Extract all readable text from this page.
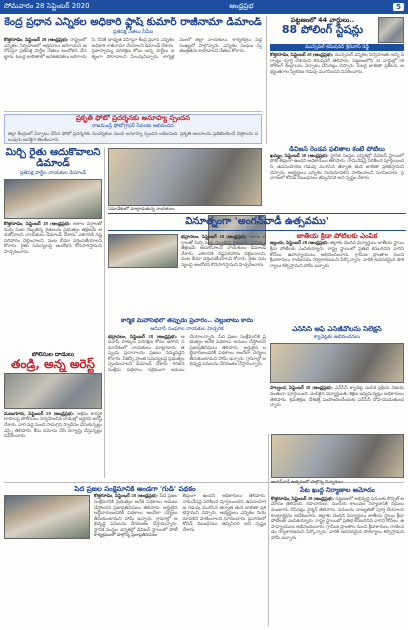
సోమవారం 28 సెప్టెంబర్ 2020	ఆంధ్రప్రభ	5
కేంద్ర ప్రధాన ఎన్నికల అధికారి ఫ్లాష్ కుమార్ రాజీనామా డిమాండ్
ప్రతిపక్ష నేతలు సీపీఐ
కొత్తగూడెం, సెప్టెంబర్ 28 (ఆంధ్రప్రభ): రాష్ట్రంలో ఎన్నికల నిర్వహణలో అక్రమాలు జరిగాయని ఆరోపిస్తూ ప్రతిపక్ష పార్టీల నేతలు ఆందోళన చేపట్టారు. ఓటర్ల జాబితాలో అవకతవకలు జరిగాయని, దీనికి బాధ్యత వహిస్తూ కేంద్ర ప్రధాన ఎన్నికల అధికారి రాజీనామా చేయాలని డిమాండ్ చేశారు. ప్రజాస్వామ్య పరిరక్షణ కోసం అన్ని పార్టీలు ఐక్యంగా పోరాడాలని పిలుపునిచ్చారు. కార్యక్రమంలో జిల్లా నాయకులు, కార్యకర్తలు పెద్ద సంఖ్యలో పాల్గొన్నారు. ఎన్నికల సంఘం స్వతంత్రతను కాపాడాలని నేతలు కోరారు.
పట్టణంలో 44 వార్డులు..
88 పోలింగ్ స్టేషన్లు
మున్సిపల్ కమిషనర్ శ్రీనివాస్ రెడ్డి
కొత్తగూడెం, సెప్టెంబర్ 28 (ఆంధ్రప్రభ): మున్సిపల్ ఎన్నికల నిర్వహణకు అన్ని ఏర్పాట్లు పూర్తి చేశామని కమిషనర్ తెలిపారు. పట్టణంలోని 44 వార్డుల్లో 88 పోలింగ్ కేంద్రాలను ఏర్పాటు చేసినట్లు చెప్పారు. ఓటర్ల జాబితా ప్రకటన, అభ్యంతరాల స్వీకరణ గడువు ముగిసిందని వివరించారు.
ప్రకృతి ఫోటో ప్రదర్శనకు అనూహ్య స్పందన
రాజమండ్రి ఫోటోగ్రాఫర్ సేవలకు అభినందన
జిల్లా కేంద్రంలో ఏర్పాటు చేసిన ఫోటో ప్రదర్శనకు సందర్శకుల నుంచి అనూహ్య స్పందన లభించింది. ప్రకృతి అందాలను ప్రతిబింబించే చిత్రాలను పలువురు ఆసక్తిగా తిలకించారు.
డివిజన్ రెండవ ఫలితాల కంటే పోటీలు
ఖమ్మం, సెప్టెంబర్ 28 (ఆంధ్రప్రభ): స్థానిక సంస్థల ఎన్నికల్లో డివిజన్ స్థాయిలో పోటీ తీవ్రంగా ఉందని అధికారులు తెలిపారు. నామినేషన్ల పరిశీలన పూర్తయిందని, ఉపసంహరణ గడువు ముగిసిన తర్వాత తుది జాబితా ప్రకటిస్తామని చెప్పారు. అభ్యర్థులు ఎన్నికల నియమావళిని పాటించాలని సూచించారు. ప్రచారంలో కోవిడ్ నిబంధనలు తప్పనిసరి అని స్పష్టం చేశారు.
మిర్చి రైతు ఆదుకోవాలని డిమాండ్
ప్రతిపక్ష పార్టీల నాయకుల డిమాండ్
కొత్తగూడెం, సెప్టెంబర్ 28 (ఆంధ్రప్రభ): అకాల వర్షాలతో మిర్చి పంట దెబ్బతిన్న రైతులను ప్రభుత్వం తక్షణమే ఆదుకోవాలని నాయకులు డిమాండ్ చేశారు. ఎకరానికి నష్టపరిహారం చెల్లించాలని, పంట బీమా వర్తింపజేయాలని కోరారు. రైతు సమస్యలపై ఆందోళన కొనసాగిస్తామని హెచ్చరించారు.
సమావేశంలో మాట్లాడుతున్న నాయకులు
వినూత్నంగా 'అంగన్‌వాడీ ఉత్సవము'
జాతీయ క్రీడా పోటీలకు ఎంపిక
ఇల్లందు, సెప్టెంబర్ 28 (ఆంధ్రప్రభ): జిల్లాకు చెందిన విద్యార్థులు జాతీయ స్థాయి క్రీడా పోటీలకు ఎంపికయ్యారు. రాష్ట్ర స్థాయిలో ప్రతిభ కనబరిచిన వారిని కోచ్‌లు, ఉపాధ్యాయులు అభినందించారు. గ్రామీణ ప్రాంతాల నుంచి క్రీడాకారులు రాణించడం గర్వకారణమని పేర్కొన్నారు. వారికి అవసరమైన సౌకర్యాలు కల్పిస్తామని హామీ ఇచ్చారు.
భద్రాచలం, సెప్టెంబర్ 28 (ఆంధ్రప్రభ): అకాల వర్షాలతో మిర్చి పంట దెబ్బతిన్న రైతులను ప్రభుత్వం తక్షణమే ఆదుకోవాలని నాయకులు డిమాండ్ చేశారు. ఎకరానికి నష్టపరిహారం చెల్లించాలని, పంట బీమా వర్తింపజేయాలని కోరారు. రైతు సమస్యలపై ఆందోళన కొనసాగిస్తామని హెచ్చరించారు.
కార్మిక మహాసభలో తప్పుడు ప్రచారం.. చెల్లుబాటు కాదు
ఆదివాసీ సంఘాల నాయకుల హెచ్చరిక
భద్రాచలం, సెప్టెంబర్ 28 (ఆంధ్రప్రభ): ఆదివాసీ హక్కుల పరిరక్షణ కోసం జరిగిన సమావేశంలో నాయకులు మాట్లాడారు. తప్పుడు ప్రచారాలను ప్రజలు నమ్మవద్దని కోరారు. ఏజెన్సీ ప్రాంత సమస్యలపై ప్రభుత్వం స్పందించాలని డిమాండ్ చేశారు. గిరిజన సంక్షేమ పథకాలు సక్రమంగా అమలు చేయాలన్నారు. పేద ప్రజల సంక్షేమానికి ప్రభుత్వం అనేక పథకాలు అమలు చేస్తోందని ప్రజాప్రతినిధులు తెలిపారు. అర్హులైన లబ్ధిదారులందరికీ పథకాలు అందేలా చర్యలు తీసుకుంటామని హామీ ఇచ్చారు. గ్రామాల్లో అభివృద్ధి పనులను వేగవంతం చేస్తామన్నారు.
ఎన్‌సీసీ ఆఫ్ ఎన్‌జీవోలను సెలెక్షన్
క్యాడెట్లకు అభినందనలు
పాల్వంచ, సెప్టెంబర్ 28 (ఆంధ్రప్రభ): ఎన్‌సీసీ క్యాడెట్ల ఎంపిక ప్రక్రియ విజయవంతంగా పూర్తయింది. ఎంపికైన విద్యార్థులకు శిక్షణ ఇవ్వనున్నట్లు అధికారులు తెలిపారు. క్రమశిక్షణ, దేశభక్తి పెంపొందించేందుకు ఎన్‌సీసీ దోహదపడుతుందన్నారు.
పోలీసుల దాడులు
తండ్రి, అన్న అరెస్ట్
మణుగూరు, సెప్టెంబర్ 28 (ఆంధ్రప్రభ): అక్రమ కార్యకలాపాలపై పోలీసులు నిర్వహించిన దాడుల్లో ఇద్దరిని అరెస్ట్ చేశారు. వారి వద్ద నుంచి సామగ్రిని స్వాధీనం చేసుకున్నట్లు ఎస్సై తెలిపారు. కేసు నమోదు చేసి దర్యాప్తు చేస్తున్నట్లు వివరించారు.
పేద ప్రజల సంక్షేమానికి అండగా 'గుడ్' పథకం
కొత్తగూడెం, సెప్టెంబర్ 28 (ఆంధ్రప్రభ): పేద ప్రజల సంక్షేమానికి ప్రభుత్వం అనేక పథకాలు అమలు చేస్తోందని ప్రజాప్రతినిధులు తెలిపారు. అర్హులైన లబ్ధిదారులందరికీ పథకాలు అందేలా చర్యలు తీసుకుంటామని హామీ ఇచ్చారు. గ్రామాల్లో అభివృద్ధి పనులను వేగవంతం చేస్తామన్నారు. స్థానిక సంస్థల ఎన్నికల్లో డివిజన్ స్థాయిలో పోటీ తీవ్రంగా ఉందని అధికారులు తెలిపారు. నామినేషన్ల పరిశీలన పూర్తయిందని, ఉపసంహరణ గడువు ముగిసిన తర్వాత తుది జాబితా ప్రకటిస్తామని చెప్పారు. అభ్యర్థులు ఎన్నికల నియమావళిని పాటించాలని సూచించారు. ప్రచారంలో కోవిడ్ నిబంధనలు తప్పనిసరి అని స్పష్టం చేశారు.
కార్యక్రమంలో పాల్గొన్న ప్రజాప్రతినిధులు
అంగన్‌వాడీ ఉత్సవంలో పాల్గొన్న చిన్నారులు
పేట ఖుద్ద నిర్మాణాల ఆమోదం
కొత్తగూడెం, సెప్టెంబర్ 28 (ఆంధ్రప్రభ): పట్టణంలో అభివృద్ధి పనులకు కౌన్సిల్ ఆమోదం తెలిపింది. రహదారులు, మురుగు కాలువల నిర్మాణానికి నిధులు మంజూరు చేసినట్లు చైర్మన్ తెలిపారు. పనులను నాణ్యతతో పూర్తి చేయాలని కాంట్రాక్టర్లను ఆదేశించారు. జిల్లాకు చెందిన విద్యార్థులు జాతీయ స్థాయి క్రీడా పోటీలకు ఎంపికయ్యారు. రాష్ట్ర స్థాయిలో ప్రతిభ కనబరిచిన వారిని కోచ్‌లు, ఉపాధ్యాయులు అభినందించారు. గ్రామీణ ప్రాంతాల నుంచి క్రీడాకారులు రాణించడం గర్వకారణమని పేర్కొన్నారు. వారికి అవసరమైన సౌకర్యాలు కల్పిస్తామని హామీ ఇచ్చారు.
